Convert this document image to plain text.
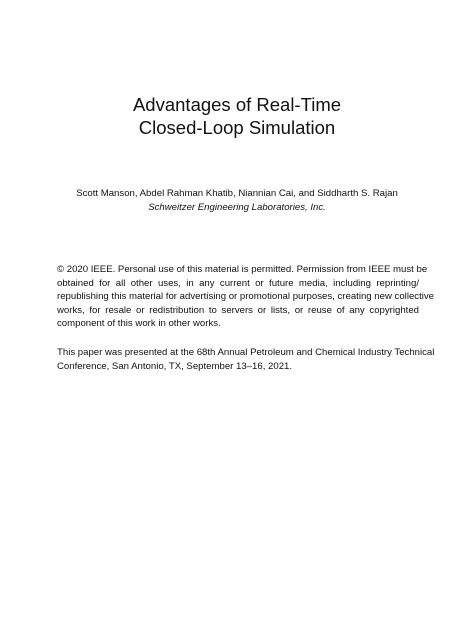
Advantages of Real-Time
Closed-Loop Simulation
Scott Manson, Abdel Rahman Khatib, Niannian Cai, and Siddharth S. Rajan
Schweitzer Engineering Laboratories, Inc.
© 2020 IEEE. Personal use of this material is permitted. Permission from IEEE must be
obtained for all other uses, in any current or future media, including reprinting/
republishing this material for advertising or promotional purposes, creating new collective
works, for resale or redistribution to servers or lists, or reuse of any copyrighted
component of this work in other works.
This paper was presented at the 68th Annual Petroleum and Chemical Industry Technical
Conference, San Antonio, TX, September 13–16, 2021.
